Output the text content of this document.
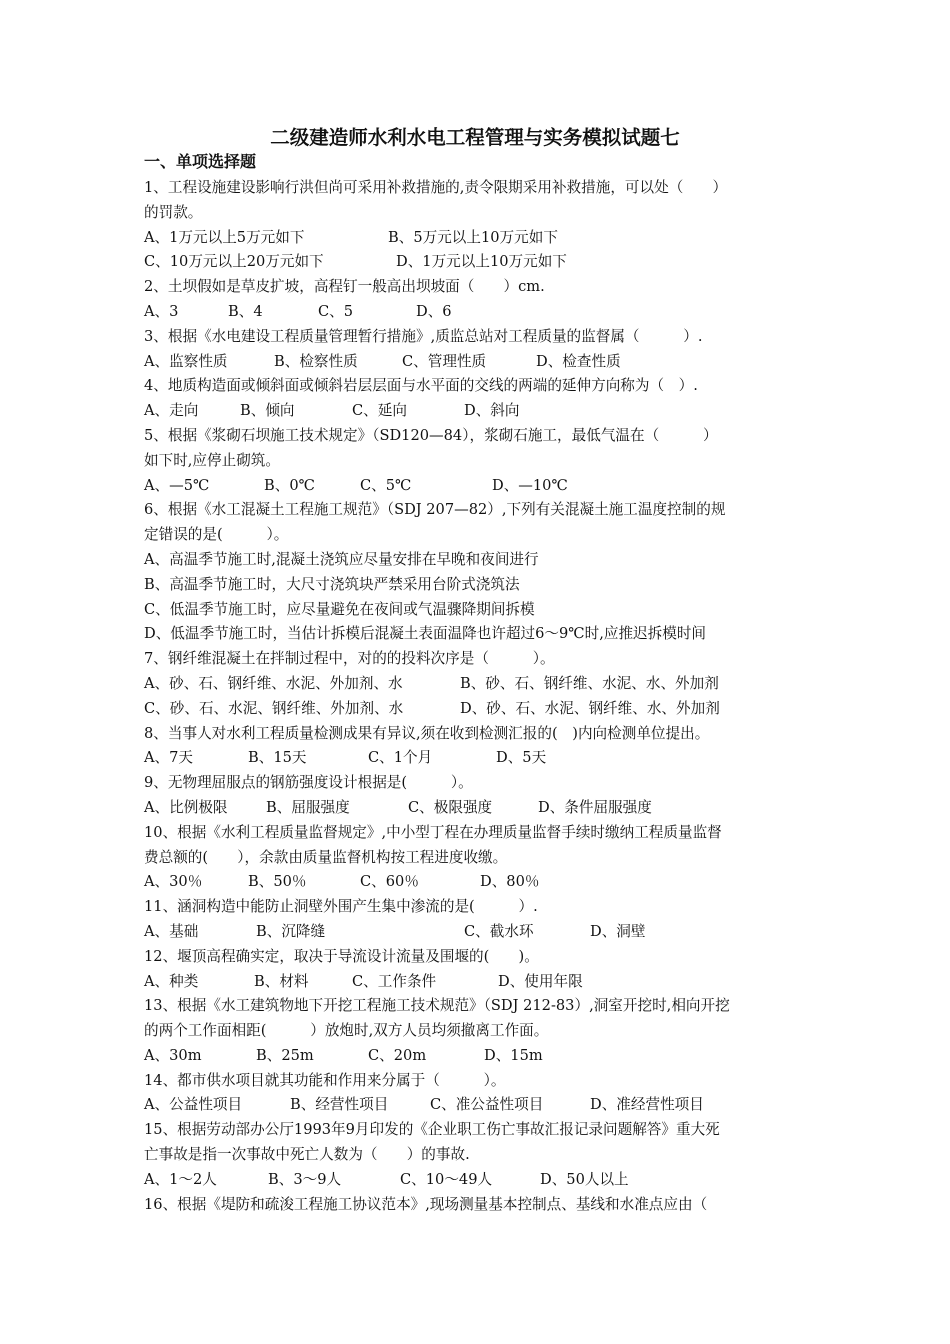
二级建造师水利水电工程管理与实务模拟试题七
一、单项选择题
1、工程设施建设影响行洪但尚可采用补救措施的,责令限期采用补救措施，可以处（　　）
的罚款。
A、1万元以上5万元如下	B、5万元以上10万元如下
C、10万元以上20万元如下	D、1万元以上10万元如下
2、土坝假如是草皮扩坡，高程钉一般高出坝坡面（　　）cm.
A、3	B、4	C、5	D、6
3、根据《水电建设工程质量管理暂行措施》,质监总站对工程质量的监督属（　　　）.
A、监察性质	B、检察性质	C、管理性质	D、检查性质
4、地质构造面或倾斜面或倾斜岩层层面与水平面的交线的两端的延伸方向称为（　）.
A、走向	B、倾向	C、延向	D、斜向
5、根据《浆砌石坝施工技术规定》（SD120—84），浆砌石施工，最低气温在（　　　）
如下时,应停止砌筑。
A、—5℃	B、0℃	C、5℃	D、—10℃
6、根据《水工混凝土工程施工规范》（SDJ 207—82）,下列有关混凝土施工温度控制的规
定错误的是(　　　）。
A、高温季节施工时,混凝土浇筑应尽量安排在早晚和夜间进行
B、高温季节施工时，大尺寸浇筑块严禁采用台阶式浇筑法
C、低温季节施工时，应尽量避免在夜间或气温骤降期间拆模
D、低温季节施工时，当估计拆模后混凝土表面温降也许超过6～9℃时,应推迟拆模时间
7、钢纤维混凝土在拌制过程中，对的的投料次序是（　　　）。
A、砂、石、钢纤维、水泥、外加剂、水	B、砂、石、钢纤维、水泥、水、外加剂
C、砂、石、水泥、钢纤维、外加剂、水	D、砂、石、水泥、钢纤维、水、外加剂
8、当事人对水利工程质量检测成果有异议,须在收到检测汇报的(　)内向检测单位提出。
A、7天	B、15天	C、1个月	D、5天
9、无物理屈服点的钢筋强度设计根据是(　　　）。
A、比例极限	B、屈服强度	C、极限强度	D、条件屈服强度
10、根据《水利工程质量监督规定》,中小型丁程在办理质量监督手续时缴纳工程质量监督
费总额的(　　），余款由质量监督机构按工程进度收缴。
A、30％	B、50％	C、60％	D、80％
11、涵洞构造中能防止洞壁外围产生集中渗流的是(　　　）.
A、基础	B、沉降缝	C、截水环	D、洞壁
12、堰顶高程确实定，取决于导流设计流量及围堰的(　　)。
A、种类	B、材料	C、工作条件	D、使用年限
13、根据《水工建筑物地下开挖工程施工技术规范》（SDJ 212-83）,洞室开挖时,相向开挖
的两个工作面相距(　　　）放炮时,双方人员均须撤离工作面。
A、30m	B、25m	C、20m	D、15m
14、都市供水项目就其功能和作用来分属于（　　　）。
A、公益性项目	B、经营性项目	C、准公益性项目	D、准经营性项目
15、根据劳动部办公厅1993年9月印发的《企业职工伤亡事故汇报记录问题解答》重大死
亡事故是指一次事故中死亡人数为（　　）的事故.
A、1～2人	B、3～9人	C、10～49人	D、50人以上
16、根据《堤防和疏浚工程施工协议范本》,现场测量基本控制点、基线和水准点应由（
